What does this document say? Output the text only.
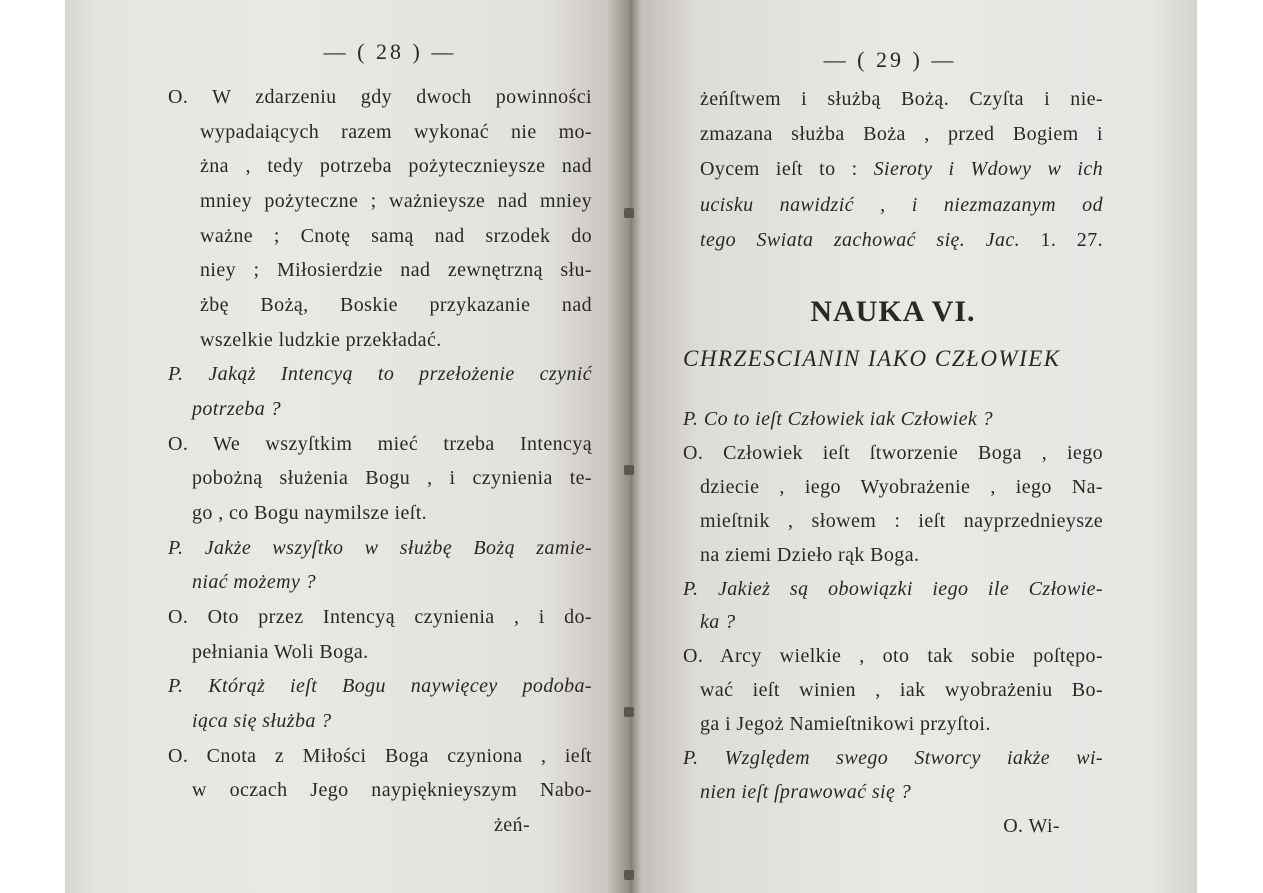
— ( 28 ) —
O. W zdarzeniu gdy dwoch powinności
wypadaiących razem wykonać nie mo-
żna , tedy potrzeba pożytecznieysze nad
mniey pożyteczne ; ważnieysze nad mniey
ważne ; Cnotę samą nad srzodek do
niey ; Miłosierdzie nad zewnętrzną słu-
żbę Bożą, Boskie przykazanie nad
wszelkie ludzkie przekładać.
P. Jakąż Intencyą to przełożenie czynić
potrzeba ?
O. We wszyſtkim mieć trzeba Intencyą
pobożną służenia Bogu , i czynienia te-
go , co Bogu naymilsze ieſt.
P. Jakże wszyſtko w służbę Bożą zamie-
niać możemy ?
O. Oto przez Intencyą czynienia , i do-
pełniania Woli Boga.
P. Którąż ieſt Bogu naywięcey podoba-
iąca się służba ?
O. Cnota z Miłości Boga czyniona , ieſt
w oczach Jego naypięknieyszym Nabo-
żeń-
— ( 29 ) —
żeńſtwem i służbą Bożą. Czyſta i nie-
zmazana służba Boża , przed Bogiem i
Oycem ieſt to : Sieroty i Wdowy w ich
ucisku nawidzić , i niezmazanym od
tego Swiata zachować się. Jac. 1. 27.
NAUKA VI.
CHRZESCIANIN IAKO CZŁOWIEK
P. Co to ieſt Człowiek iak Człowiek ?
O. Człowiek ieſt ſtworzenie Boga , iego
dziecie , iego Wyobrażenie , iego Na-
mieſtnik , słowem : ieſt nayprzednieysze
na ziemi Dzieło rąk Boga.
P. Jakież są obowiązki iego ile Człowie-
ka ?
O. Arcy wielkie , oto tak sobie poſtępo-
wać ieſt winien , iak wyobrażeniu Bo-
ga i Jegoż Namieſtnikowi przyſtoi.
P. Względem swego Stworcy iakże wi-
nien ieſt ſprawować się ?
O. Wi-
